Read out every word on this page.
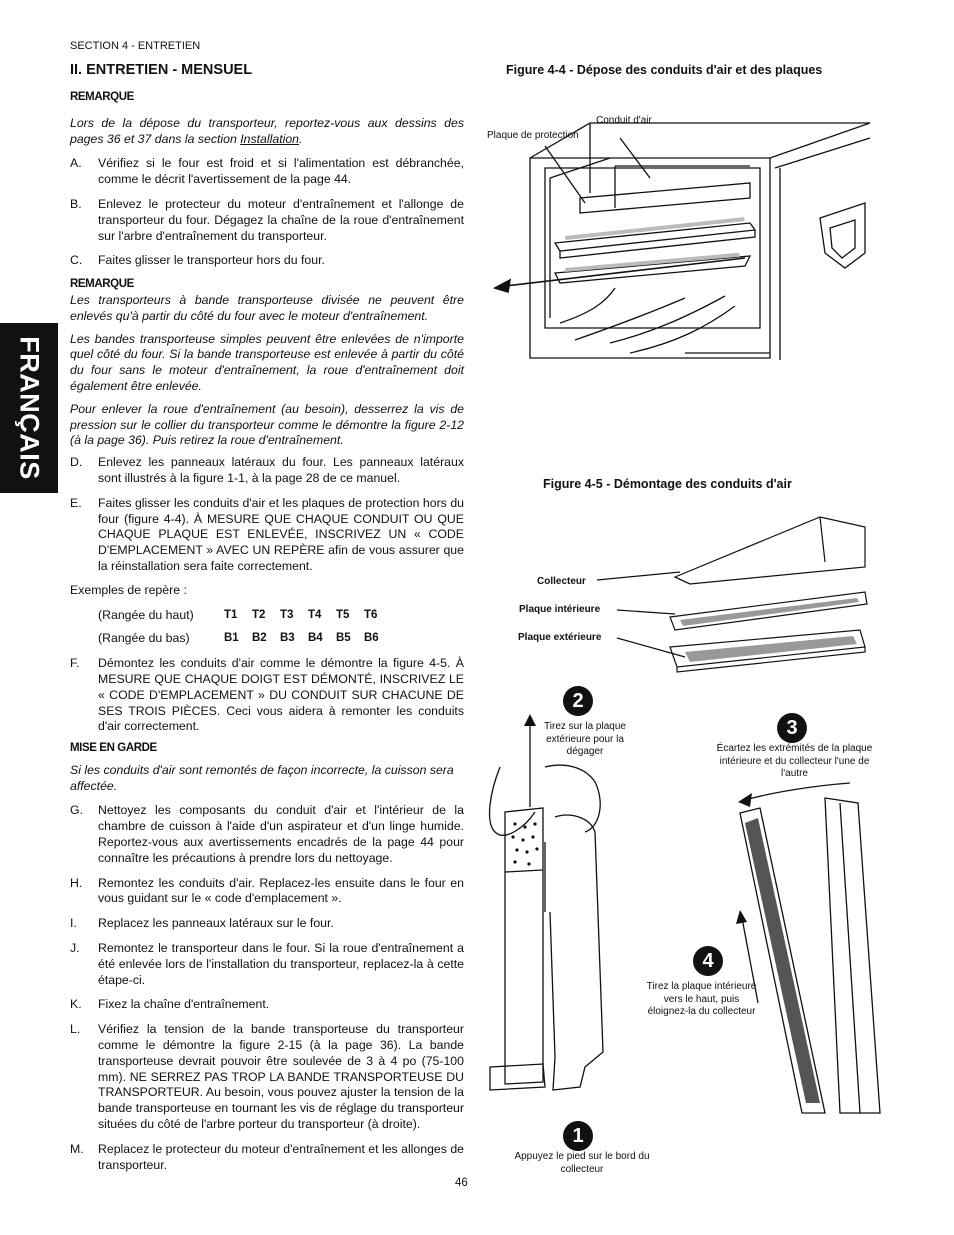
SECTION 4 - ENTRETIEN
II. ENTRETIEN - MENSUEL
FRANÇAIS

REMARQUE

Lors de la dépose du transporteur, reportez-vous aux dessins des pages 36 et 37 dans la section Installation.

A.	Vérifiez si le four est froid et si l'alimentation est débranchée, comme le décrit l'avertissement de la page 44.
B.	Enlevez le protecteur du moteur d'entraînement et l'allonge de transporteur du four. Dégagez la chaîne de la roue d'entraînement sur l'arbre d'entraînement du transporteur.
C.	Faites glisser le transporteur hors du four.

REMARQUE

Les transporteurs à bande transporteuse divisée ne peuvent être enlevés qu'à partir du côté du four avec le moteur d'entraînement.

Les bandes transporteuse simples peuvent être enlevées de n'importe quel côté du four. Si la bande transporteuse est enlevée à partir du côté du four sans le moteur d'entraînement, la roue d'entraînement doit également être enlevée.

Pour enlever la roue d'entraînement (au besoin), desserrez la vis de pression sur le collier du transporteur comme le démontre la figure 2-12 (à la page 36). Puis retirez la roue d'entraînement.

D.	Enlevez les panneaux latéraux du four. Les panneaux latéraux sont illustrés à la figure 1-1, à la page 28 de ce manuel.
E.	Faites glisser les conduits d'air et les plaques de protection hors du four (figure 4-4). À MESURE QUE CHAQUE CONDUIT OU QUE CHAQUE PLAQUE EST ENLEVÉE, INSCRIVEZ UN « CODE D'EMPLACEMENT » AVEC UN REPÈRE afin de vous assurer que la réinstallation sera faite correctement.

Exemples de repère :

(Rangée du haut)	T1	T2	T3	T4	T5	T6
(Rangée du bas)	B1	B2	B3	B4	B5	B6
F.	Démontez les conduits d'air comme le démontre la figure 4-5. À MESURE QUE CHAQUE DOIGT EST DÉMONTÉ, INSCRIVEZ LE « CODE D'EMPLACEMENT » DU CONDUIT SUR CHACUNE DE SES TROIS PIÈCES. Ceci vous aidera à remonter les conduits d'air correctement.

MISE EN GARDE

Si les conduits d'air sont remontés de façon incorrecte, la cuisson sera affectée.

G.	Nettoyez les composants du conduit d'air et l'intérieur de la chambre de cuisson à l'aide d'un aspirateur et d'un linge humide. Reportez-vous aux avertissements encadrés de la page 44 pour connaître les précautions à prendre lors du nettoyage.
H.	Remontez les conduits d'air. Replacez-les ensuite dans le four en vous guidant sur le « code d'emplacement ».
I.	Replacez les panneaux latéraux sur le four.
J.	Remontez le transporteur dans le four. Si la roue d'entraînement a été enlevée lors de l'installation du transporteur, replacez-la à cette étape-ci.
K.	Fixez la chaîne d'entraînement.
L.	Vérifiez la tension de la bande transporteuse du transporteur comme le démontre la figure 2-15 (à la page 36). La bande transporteuse devrait pouvoir être soulevée de 3 à 4 po (75-100 mm). NE SERREZ PAS TROP LA BANDE TRANSPORTEUSE DU TRANSPORTEUR. Au besoin, vous pouvez ajuster la tension de la bande transporteuse en tournant les vis de réglage du transporteur situées du côté de l'arbre porteur du transporteur (à droite).
M.	Replacez le protecteur du moteur d'entraînement et les allonges de transporteur.
Figure 4-4 - Dépose des conduits d'air et des plaques
Conduit d'air
Plaque de protection
Figure 4-5 - Démontage des conduits d'air
Collecteur
Plaque intérieure
Plaque extérieure
2
Tirez sur la plaque extérieure pour la dégager
3
Écartez les extrémités de la plaque intérieure et du collecteur l'une de l'autre
4
Tirez la plaque intérieure vers le haut, puis éloignez-la du collecteur
1
Appuyez le pied sur le bord du collecteur
46
